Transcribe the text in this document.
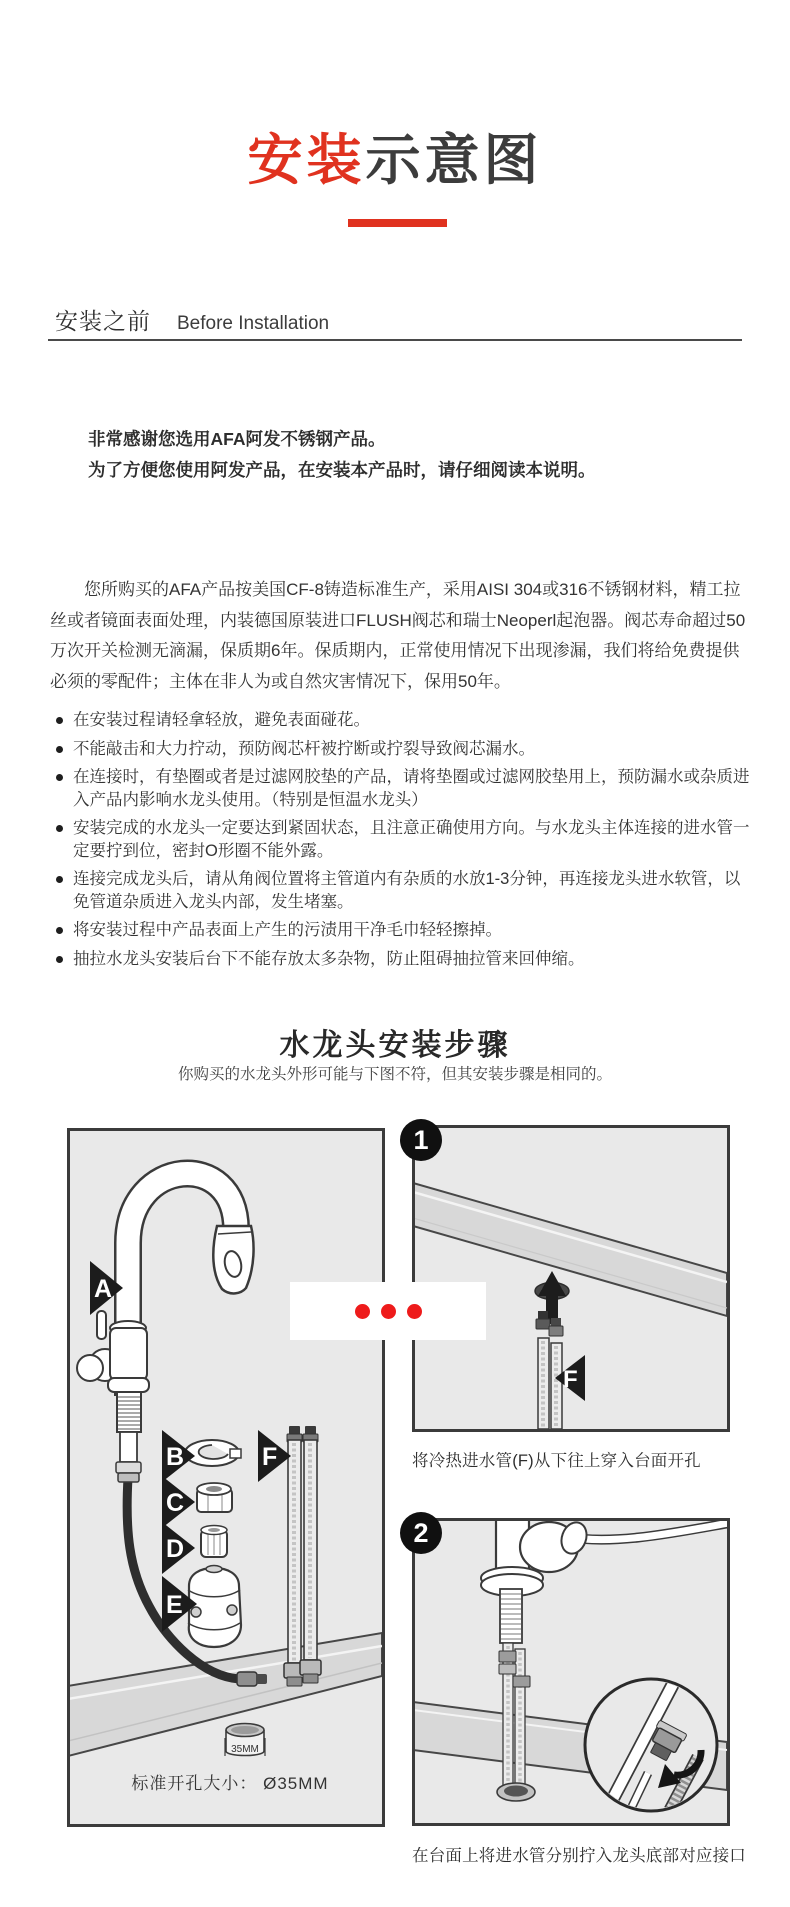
安装示意图
安装之前 Before Installation
非常感谢您选用AFA阿发不锈钢产品。
为了方便您使用阿发产品，在安装本产品时，请仔细阅读本说明。
您所购买的AFA产品按美国CF-8铸造标准生产，采用AISI 304或316不锈钢材料，精工拉丝或者镜面表面处理，内装德国原装进口FLUSH阀芯和瑞士Neoperl起泡器。阀芯寿命超过50万次开关检测无滴漏，保质期6年。保质期内，正常使用情况下出现渗漏，我们将给免费提供必须的零配件；主体在非人为或自然灾害情况下，保用50年。
在安装过程请轻拿轻放，避免表面碰花。
不能敲击和大力拧动，预防阀芯杆被拧断或拧裂导致阀芯漏水。
在连接时，有垫圈或者是过滤网胶垫的产品，请将垫圈或过滤网胶垫用上，预防漏水或杂质进入产品内影响水龙头使用。（特别是恒温水龙头）
安装完成的水龙头一定要达到紧固状态，且注意正确使用方向。与水龙头主体连接的进水管一定要拧到位，密封O形圈不能外露。
连接完成龙头后，请从角阀位置将主管道内有杂质的水放1-3分钟，再连接龙头进水软管，以免管道杂质进入龙头内部，发生堵塞。
将安装过程中产品表面上产生的污渍用干净毛巾轻轻擦掉。
抽拉水龙头安装后台下不能存放太多杂物，防止阻碍抽拉管来回伸缩。
水龙头安装步骤
你购买的水龙头外形可能与下图不符，但其安装步骤是相同的。
A
B
C
D
E
F
35MM
标准开孔大小： Ø35MM
F
1
将冷热进水管(F)从下往上穿入台面开孔
2
在台面上将进水管分别拧入龙头底部对应接口
